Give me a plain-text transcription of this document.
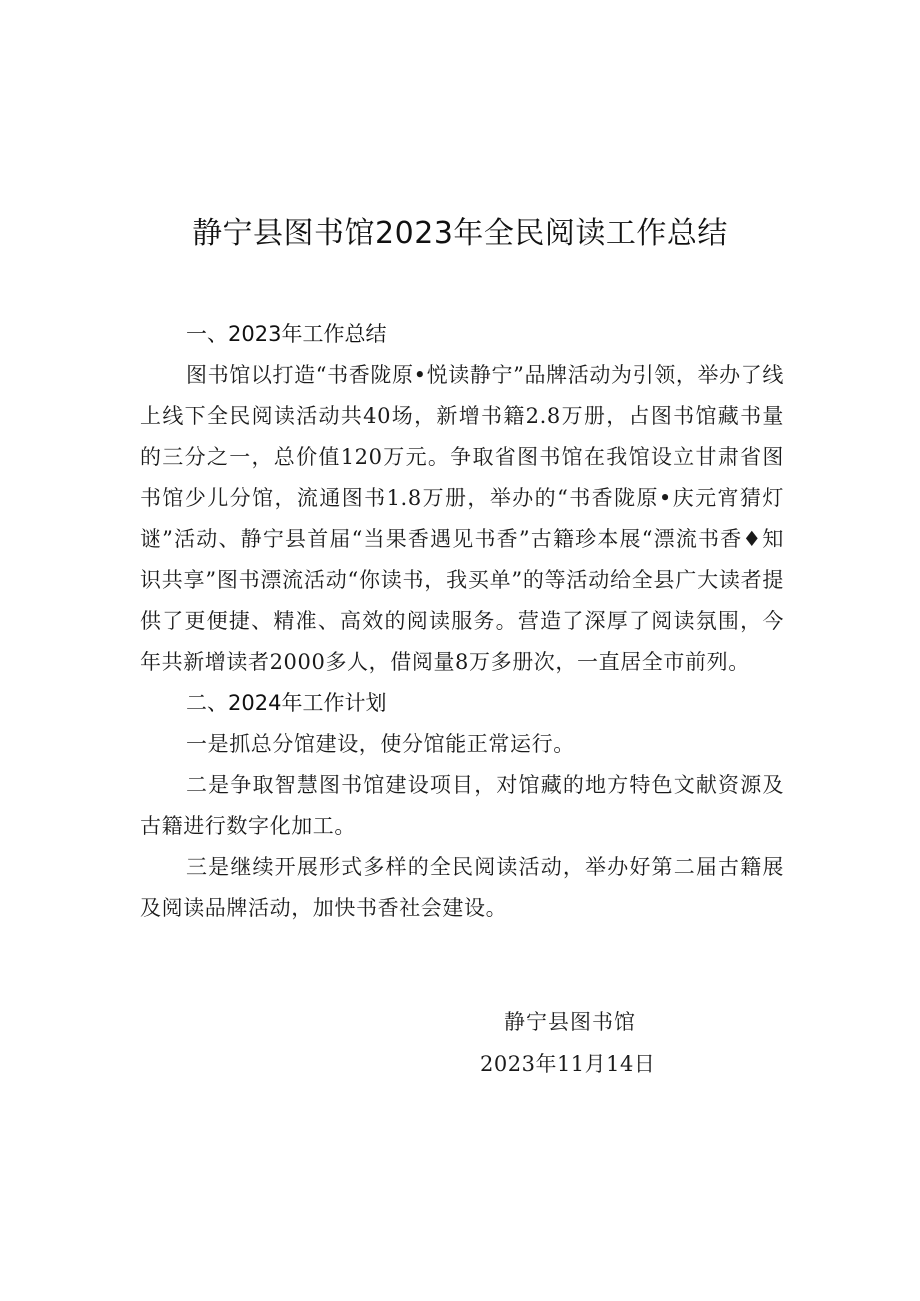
静宁县图书馆2023年全民阅读工作总结
一、2023年工作总结

图书馆以打造“书香陇原•悦读静宁”品牌活动为引领，举办了线上线下全民阅读活动共40场，新增书籍2.8万册，占图书馆藏书量的三分之一，总价值120万元。争取省图书馆在我馆设立甘肃省图书馆少儿分馆，流通图书1.8万册，举办的“书香陇原•庆元宵猜灯谜”活动、静宁县首届“当果香遇见书香”古籍珍本展“漂流书香♦知识共享”图书漂流活动“你读书，我买单”的等活动给全县广大读者提供了更便捷、精准、高效的阅读服务。营造了深厚了阅读氛围，今年共新增读者2000多人，借阅量8万多册次，一直居全市前列。

二、2024年工作计划

一是抓总分馆建设，使分馆能正常运行。

二是争取智慧图书馆建设项目，对馆藏的地方特色文献资源及古籍进行数字化加工。

三是继续开展形式多样的全民阅读活动，举办好第二届古籍展及阅读品牌活动，加快书香社会建设。

静宁县图书馆
2023年11月14日
